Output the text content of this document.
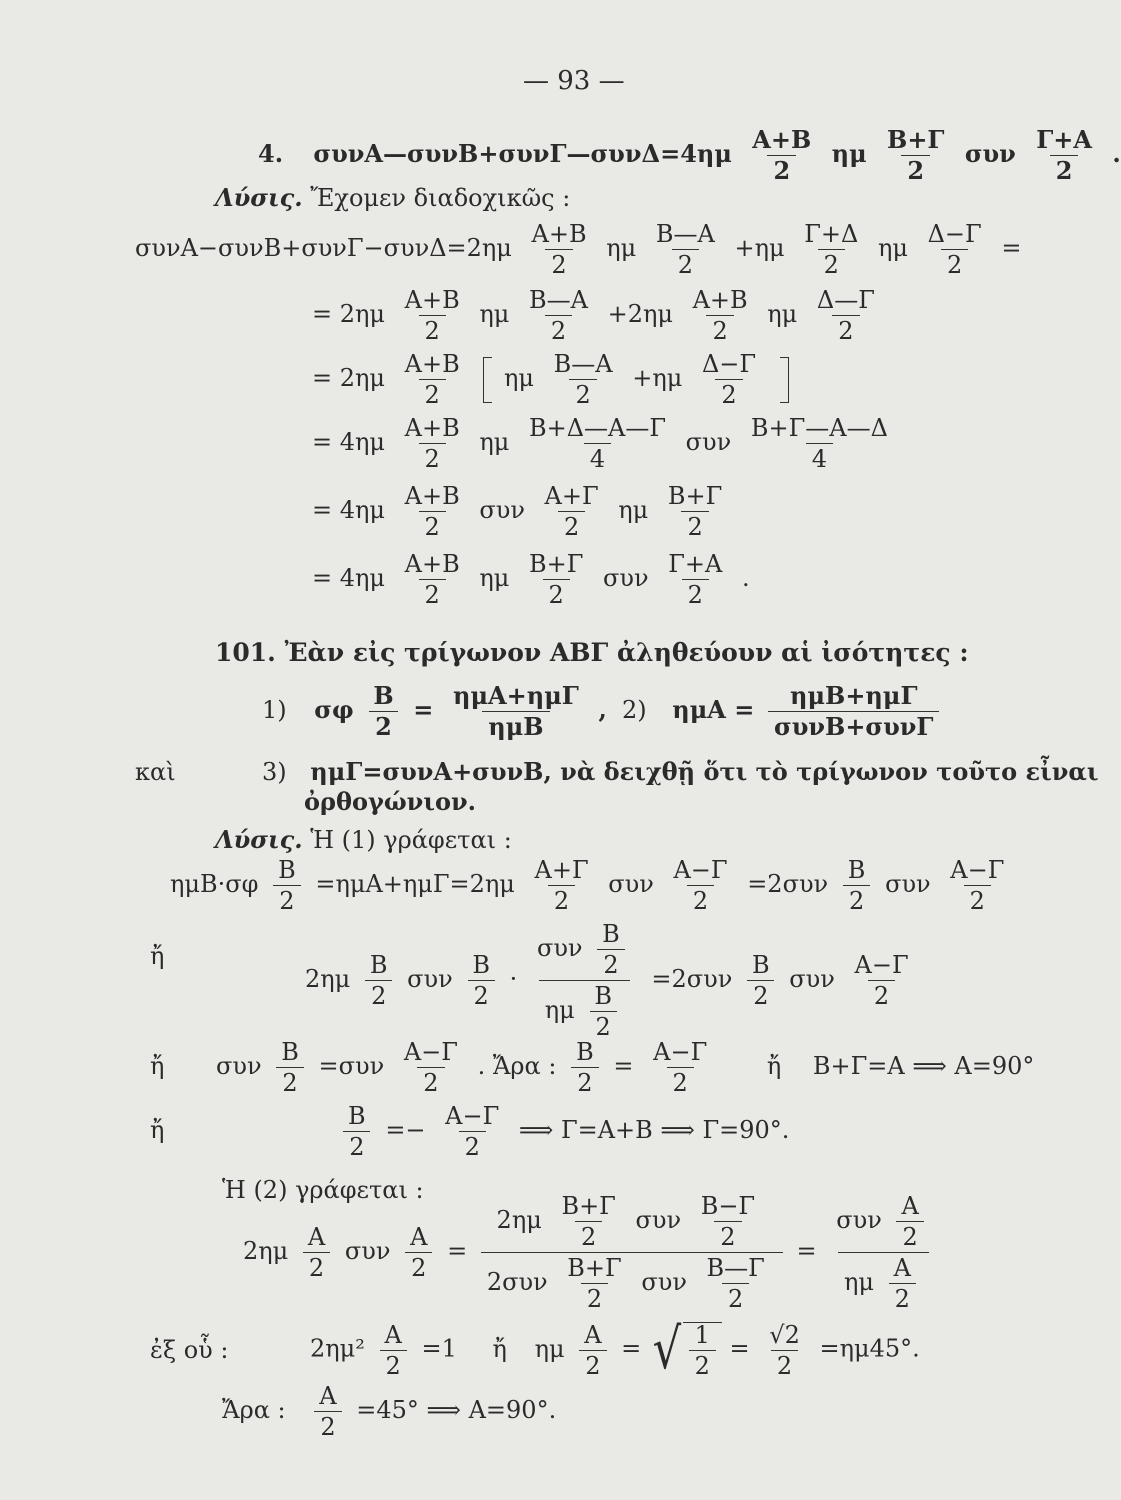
— 93 —
4. συνΑ—συνΒ+συνΓ—συνΔ=4ημ $\frac{A+B}{2}$ ημ $\frac{B+\Gamma}{2}$ συν $\frac{\Gamma+A}{2}$ .
Λύσις. Ἔχομεν διαδοχικῶς :
$\sigma\upsilon\nu A-\sigma\upsilon\nu B+\sigma\upsilon\nu\Gamma-\sigma\upsilon\nu\Delta=2\eta\mu \frac{A+B}{2}$ ημ $\frac{B—A}{2} +\eta\mu \frac{\Gamma+\Delta}{2}$ ημ $\frac{\Delta-\Gamma}{2}$ =
= $2\eta\mu \frac{A+B}{2}$ ημ $\frac{B—A}{2} +2\eta\mu \frac{A+B}{2}$ ημ $\frac{\Delta—\Gamma}{2}$
= $2\eta\mu \frac{A+B}{2}$ ημ $\frac{B—A}{2} +\eta\mu \frac{\Delta-\Gamma}{2}$

= $4\eta\mu \frac{A+B}{2}$ ημ $\frac{B+\Delta—A—\Gamma}{4}$ συν $\frac{B+\Gamma—A—\Delta}{4}$
= $4\eta\mu \frac{A+B}{2}$ συν $\frac{A+\Gamma}{2}$ ημ $\frac{B+\Gamma}{2}$
= $4\eta\mu \frac{A+B}{2}$ ημ $\frac{B+\Gamma}{2}$ συν $\frac{\Gamma+A}{2}$ .
101. Ἐὰν εἰς τρίγωνον ΑΒΓ ἀληθεύουν αἱ ἰσότητες :
1) σφ $\frac{B}{2} = \frac{\text{ημΑ+ημΓ}}{\text{ημΒ}}$ , 2) $\eta\mu A = \frac{\text{ημΒ+ημΓ}}{\text{συνΒ+συνΓ}}$
καὶ	3) ημΓ=συνΑ+συνΒ, νὰ δειχθῇ ὅτι τὸ τρίγωνον τοῦτο εἶναι
ὀρθογώνιον.
Λύσις. Ἡ (1) γράφεται :
$\eta\mu B\cdot\sigma\varphi \frac{B}{2} =\eta\mu A+\eta\mu\Gamma=2\eta\mu \frac{A+\Gamma}{2}$ συν $\frac{A-\Gamma}{2} =2\sigma\upsilon\nu \frac{B}{2}$ συν $\frac{A-\Gamma}{2}$
ἤ
$2\eta\mu \frac{B}{2}$ συν $\frac{B}{2} \cdot \frac{\sigma\upsilon\nu \frac{B}{2}}{\eta\mu \frac{B}{2}} =2\sigma\upsilon\nu \frac{B}{2}$ συν $\frac{A-\Gamma}{2}$
ἤ συν $\frac{B}{2} =\sigma\upsilon\nu \frac{A-\Gamma}{2}$ . Ἄρα : $\frac{B}{2} = \frac{A-\Gamma}{2}$ ἤ Β+Γ=Α ⟹ Α=90°
ἤ	$\frac{B}{2} =- \frac{A-\Gamma}{2}$ ⟹ Γ=Α+Β ⟹ Γ=90°.
Ἡ (2) γράφεται :
$2\eta\mu \frac{A}{2}$ συν $\frac{A}{2} = \frac{2\eta\mu \frac{B+\Gamma}{2} \sigma\upsilon\nu \frac{B-\Gamma}{2}}{2\sigma\upsilon\nu \frac{B+\Gamma}{2} \sigma\upsilon\nu \frac{B—\Gamma}{2}} = \frac{\sigma\upsilon\nu \frac{A}{2}}{\eta\mu \frac{A}{2}}$
ἐξ οὗ :	$2\eta\mu^2 \frac{A}{2} =1$ ἤ ημ $\frac{A}{2}$ = √ $\frac{1}{2} = \frac{√2}{2} =\eta\mu 45^\circ$.
Ἄρα : $\frac{A}{2} =45^\circ$ ⟹ Α=90°.
